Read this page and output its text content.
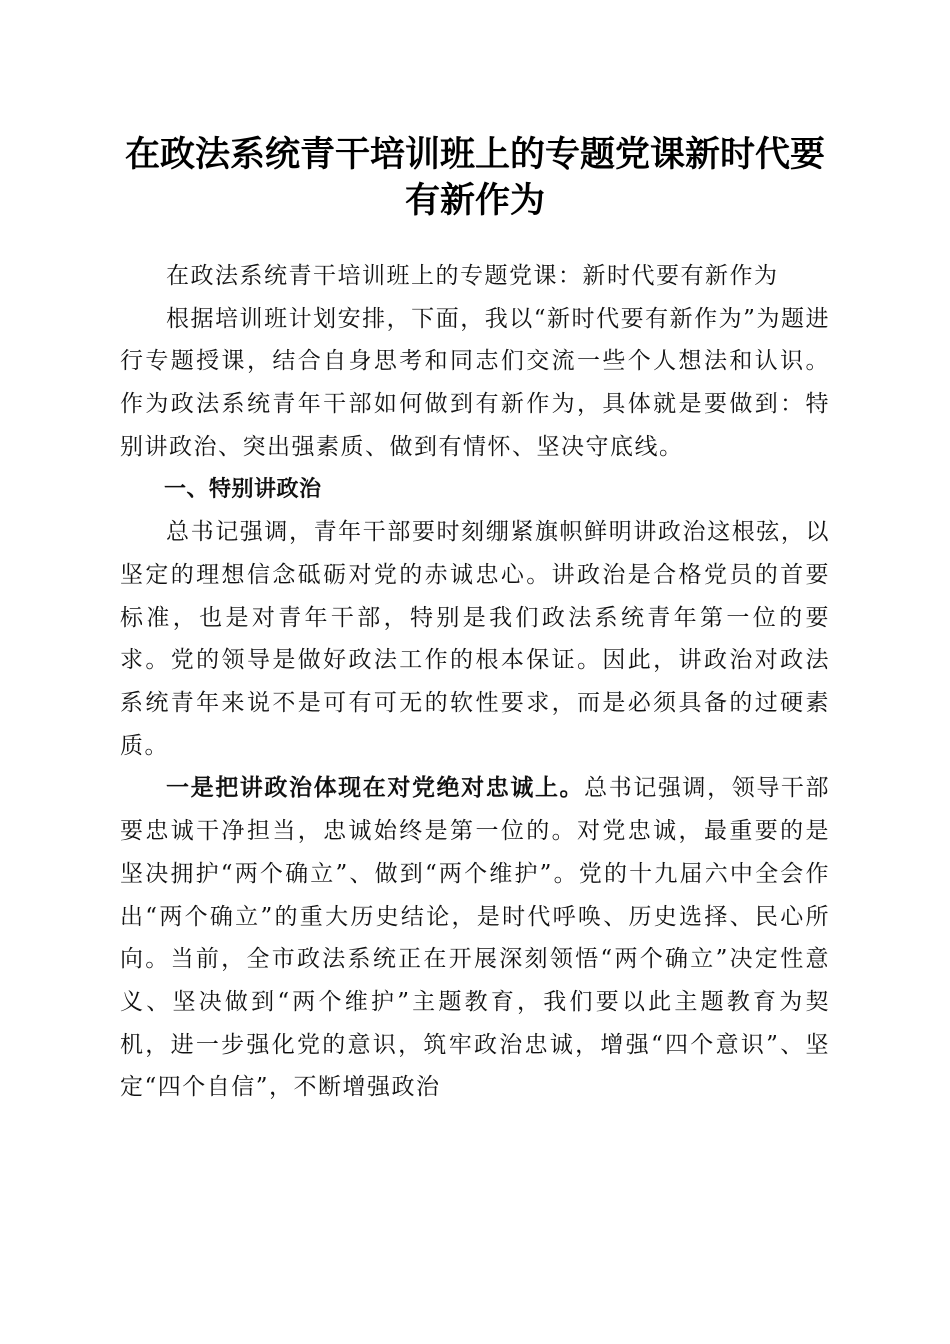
在政法系统青干培训班上的专题党课新时代要
有新作为

在政法系统青干培训班上的专题党课：新时代要有新作为

根据培训班计划安排，下面，我以“新时代要有新作为”为题进行专题授课，结合自身思考和同志们交流一些个人想法和认识。作为政法系统青年干部如何做到有新作为，具体就是要做到：特别讲政治、突出强素质、做到有情怀、坚决守底线。

一、特别讲政治

总书记强调，青年干部要时刻绷紧旗帜鲜明讲政治这根弦，以坚定的理想信念砥砺对党的赤诚忠心。讲政治是合格党员的首要标准，也是对青年干部，特别是我们政法系统青年第一位的要求。党的领导是做好政法工作的根本保证。因此，讲政治对政法系统青年来说不是可有可无的软性要求，而是必须具备的过硬素质。

一是把讲政治体现在对党绝对忠诚上。总书记强调，领导干部要忠诚干净担当，忠诚始终是第一位的。对党忠诚，最重要的是坚决拥护“两个确立”、做到“两个维护”。党的十九届六中全会作出“两个确立”的重大历史结论，是时代呼唤、历史选择、民心所向。当前，全市政法系统正在开展深刻领悟“两个确立”决定性意义、坚决做到“两个维护”主题教育，我们要以此主题教育为契机，进一步强化党的意识，筑牢政治忠诚，增强“四个意识”、坚定“四个自信”，不断增强政治
